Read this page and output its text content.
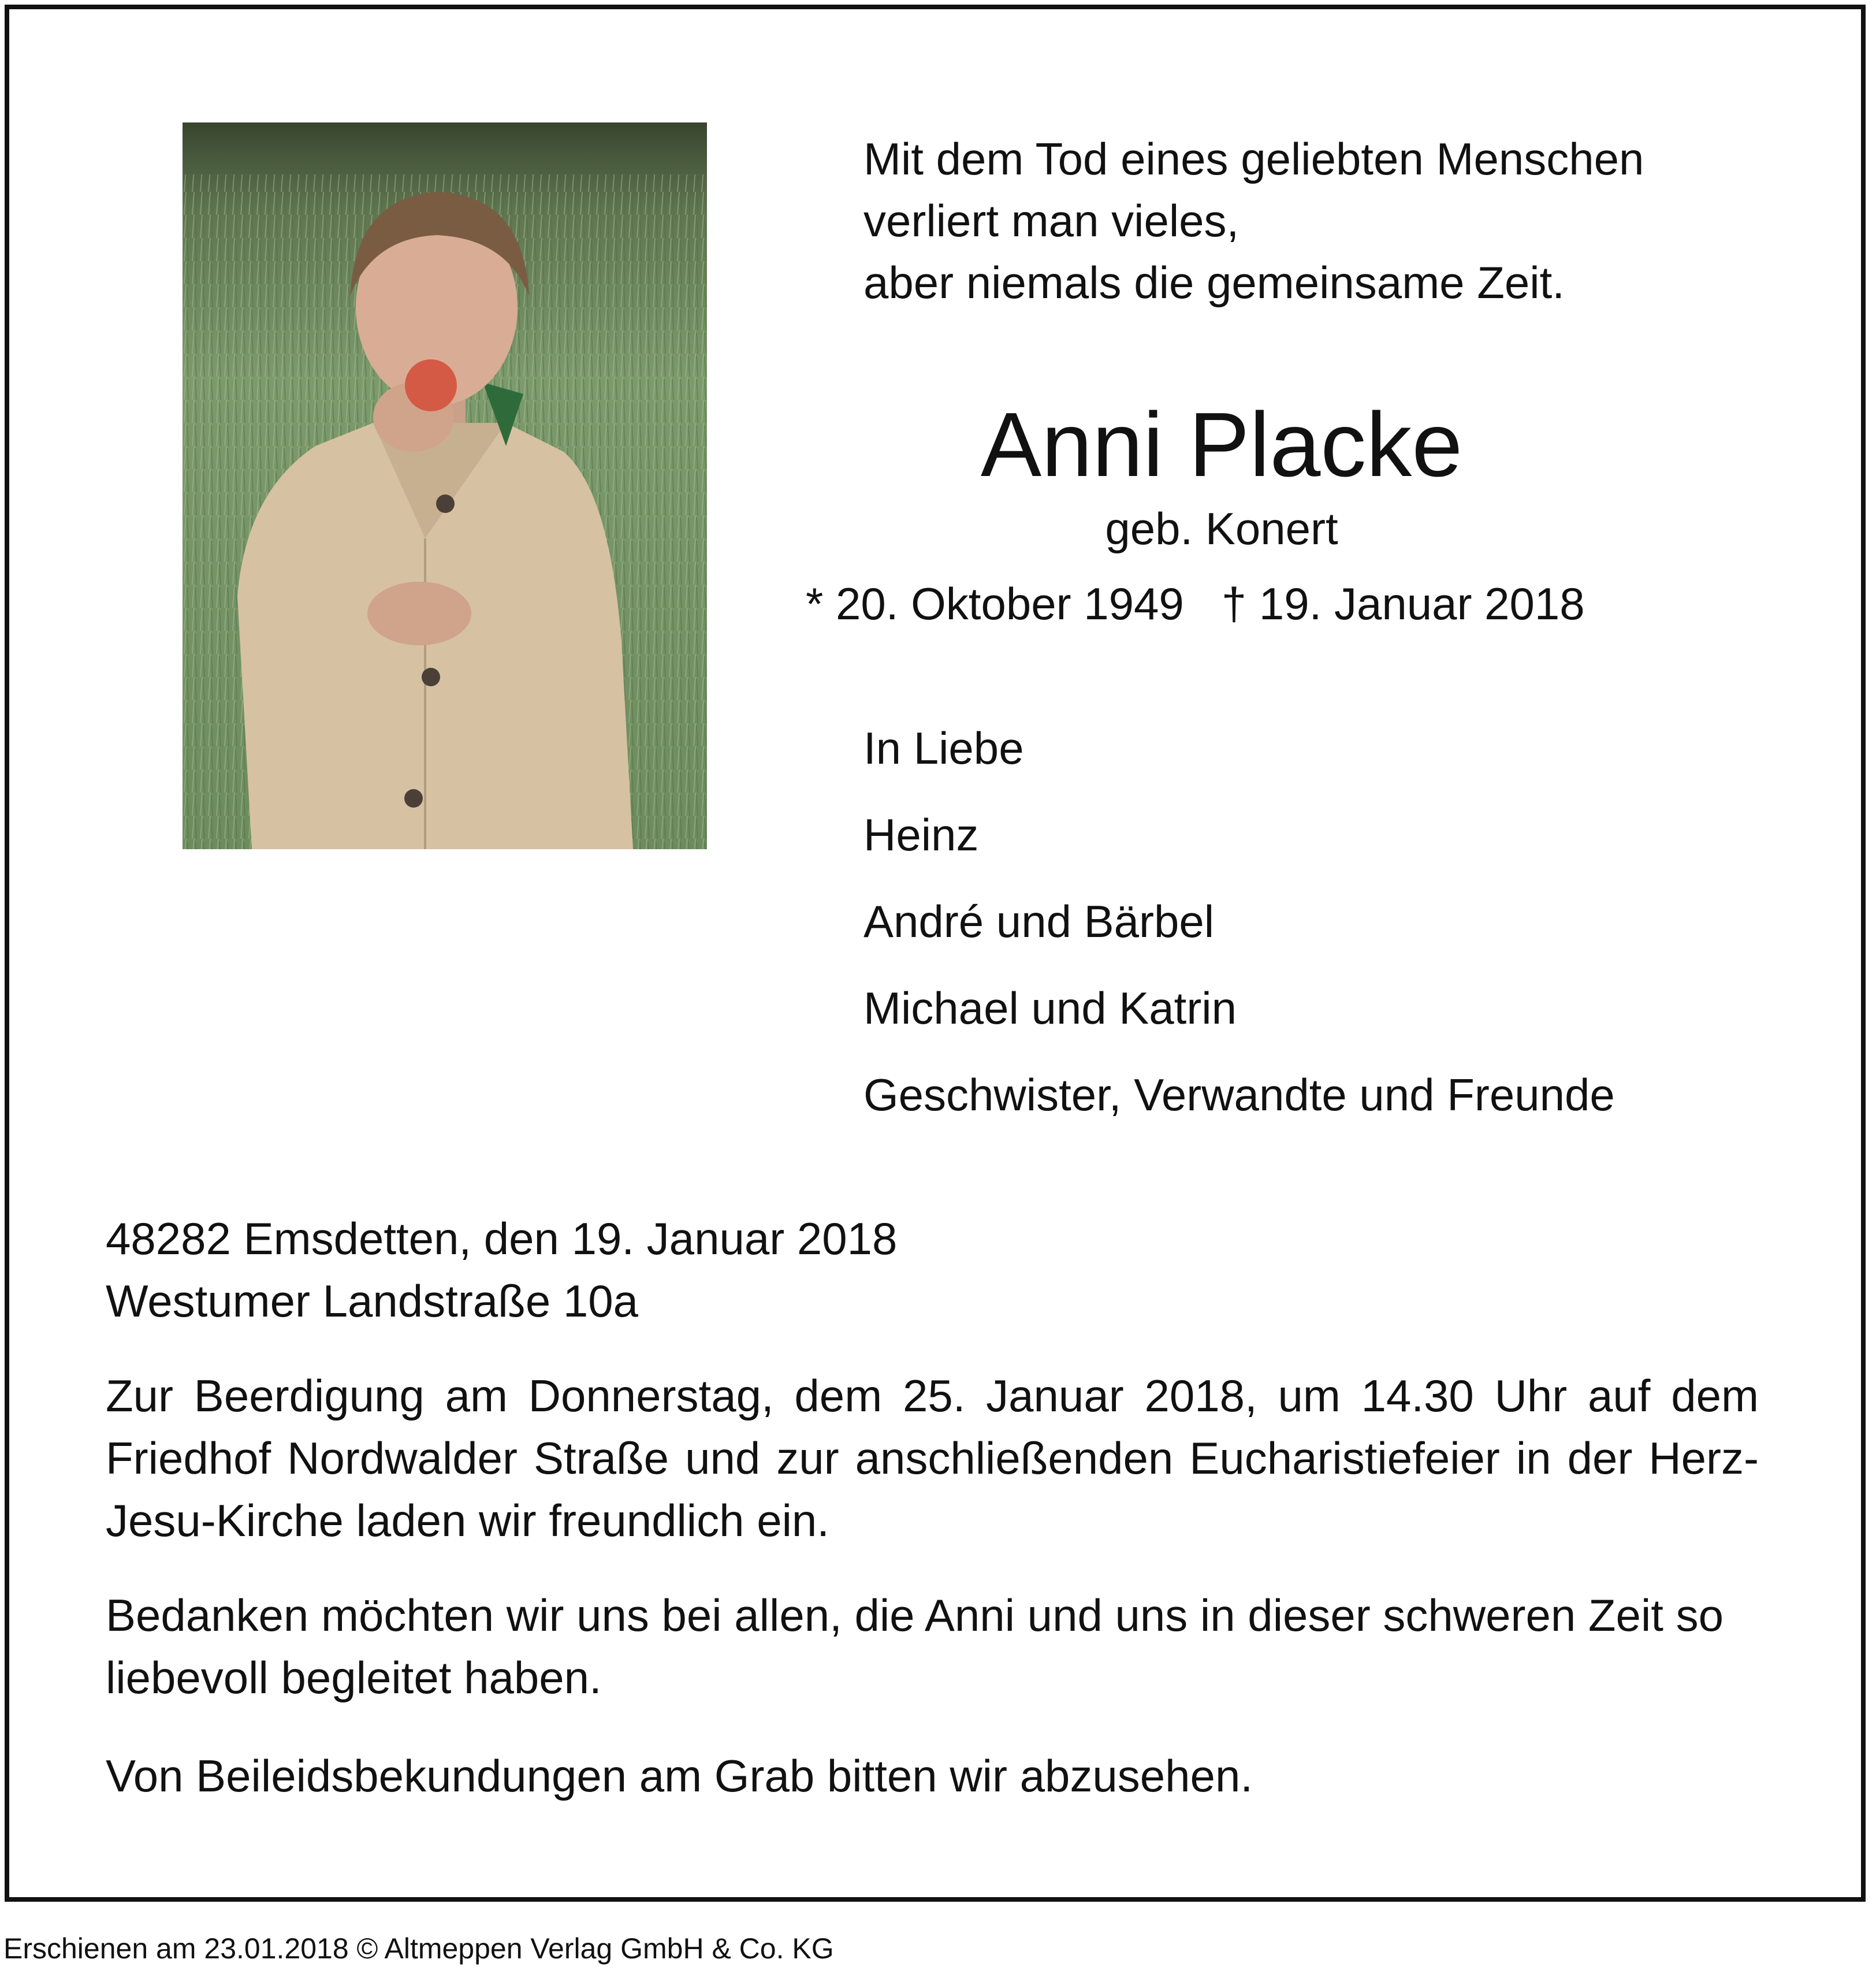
Mit dem Tod eines geliebten Menschen
verliert man vieles,
aber niemals die gemeinsame Zeit.
Anni Placke
geb. Konert
* 20. Oktober 1949 † 19. Januar 2018
In Liebe
Heinz
André und Bärbel
Michael und Katrin
Geschwister, Verwandte und Freunde
48282 Emsdetten, den 19. Januar 2018
Westumer Landstraße 10a
Zur Beerdigung am Donnerstag, dem 25. Januar 2018, um 14.30 Uhr auf dem Friedhof Nordwalder Straße und zur anschließenden Eucharistiefeier in der Herz-Jesu-Kirche laden wir freundlich ein.
Bedanken möchten wir uns bei allen, die Anni und uns in dieser schweren Zeit so liebevoll begleitet haben.
Von Beileidsbekundungen am Grab bitten wir abzusehen.
Erschienen am 23.01.2018 © Altmeppen Verlag GmbH & Co. KG
